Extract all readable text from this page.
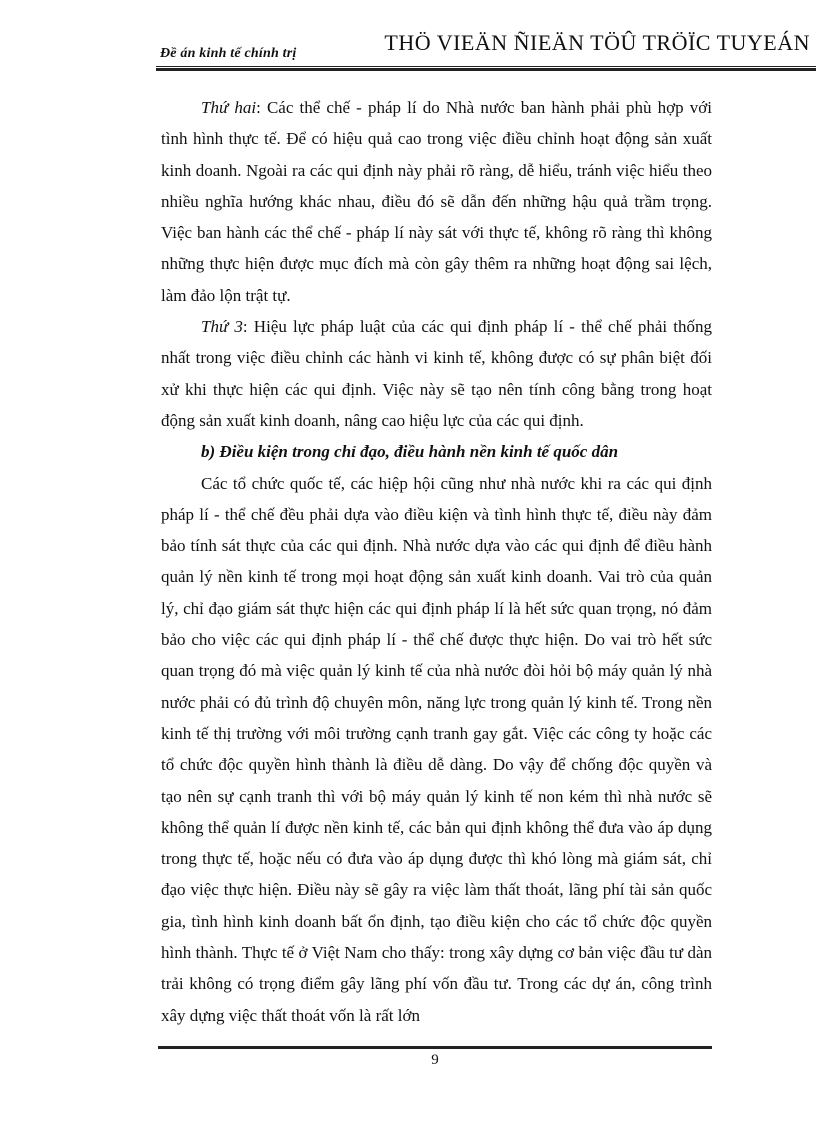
Đề án kinh tế chính trị	THÖ VIEÄN ÑIEÄN TÖÛ TRÖÏC TUYEÁN

Thứ hai: Các thể chế - pháp lí do Nhà nước ban hành phải phù hợp với tình hình thực tế. Để có hiệu quả cao trong việc điều chỉnh hoạt động sản xuất kinh doanh. Ngoài ra các qui định này phải rõ ràng, dễ hiểu, tránh việc hiểu theo nhiều nghĩa hướng khác nhau, điều đó sẽ dẫn đến những hậu quả trầm trọng. Việc ban hành các thể chế - pháp lí này sát với thực tế, không rõ ràng thì không những thực hiện được mục đích mà còn gây thêm ra những hoạt động sai lệch, làm đảo lộn trật tự.

Thứ 3: Hiệu lực pháp luật của các qui định pháp lí - thể chế phải thống nhất trong việc điều chỉnh các hành vi kinh tế, không được có sự phân biệt đối xử khi thực hiện các qui định. Việc này sẽ tạo nên tính công bằng trong hoạt động sản xuất kinh doanh, nâng cao hiệu lực của các qui định.

b) Điều kiện trong chỉ đạo, điều hành nền kinh tế quốc dân

Các tổ chức quốc tế, các hiệp hội cũng như nhà nước khi ra các qui định pháp lí - thể chế đều phải dựa vào điều kiện và tình hình thực tế, điều này đảm bảo tính sát thực của các qui định. Nhà nước dựa vào các qui định để điều hành quản lý nền kinh tế trong mọi hoạt động sản xuất kinh doanh. Vai trò của quản lý, chỉ đạo giám sát thực hiện các qui định pháp lí là hết sức quan trọng, nó đảm bảo cho việc các qui định pháp lí - thể chế được thực hiện. Do vai trò hết sức quan trọng đó mà việc quản lý kinh tế của nhà nước đòi hỏi bộ máy quản lý nhà nước phải có đủ trình độ chuyên môn, năng lực trong quản lý kinh tế. Trong nền kinh tế thị trường với môi trường cạnh tranh gay gắt. Việc các công ty hoặc các tổ chức độc quyền hình thành là điều dễ dàng. Do vậy để chống độc quyền và tạo nên sự cạnh tranh thì với bộ máy quản lý kinh tế non kém thì nhà nước sẽ không thể quản lí được nền kinh tế, các bản qui định không thể đưa vào áp dụng trong thực tế, hoặc nếu có đưa vào áp dụng được thì khó lòng mà giám sát, chỉ đạo việc thực hiện. Điều này sẽ gây ra việc làm thất thoát, lãng phí tài sản quốc gia, tình hình kinh doanh bất ổn định, tạo điều kiện cho các tổ chức độc quyền hình thành. Thực tế ở Việt Nam cho thấy: trong xây dựng cơ bản việc đầu tư dàn trải không có trọng điểm gây lãng phí vốn đầu tư. Trong các dự án, công trình xây dựng việc thất thoát vốn là rất lớn

9
